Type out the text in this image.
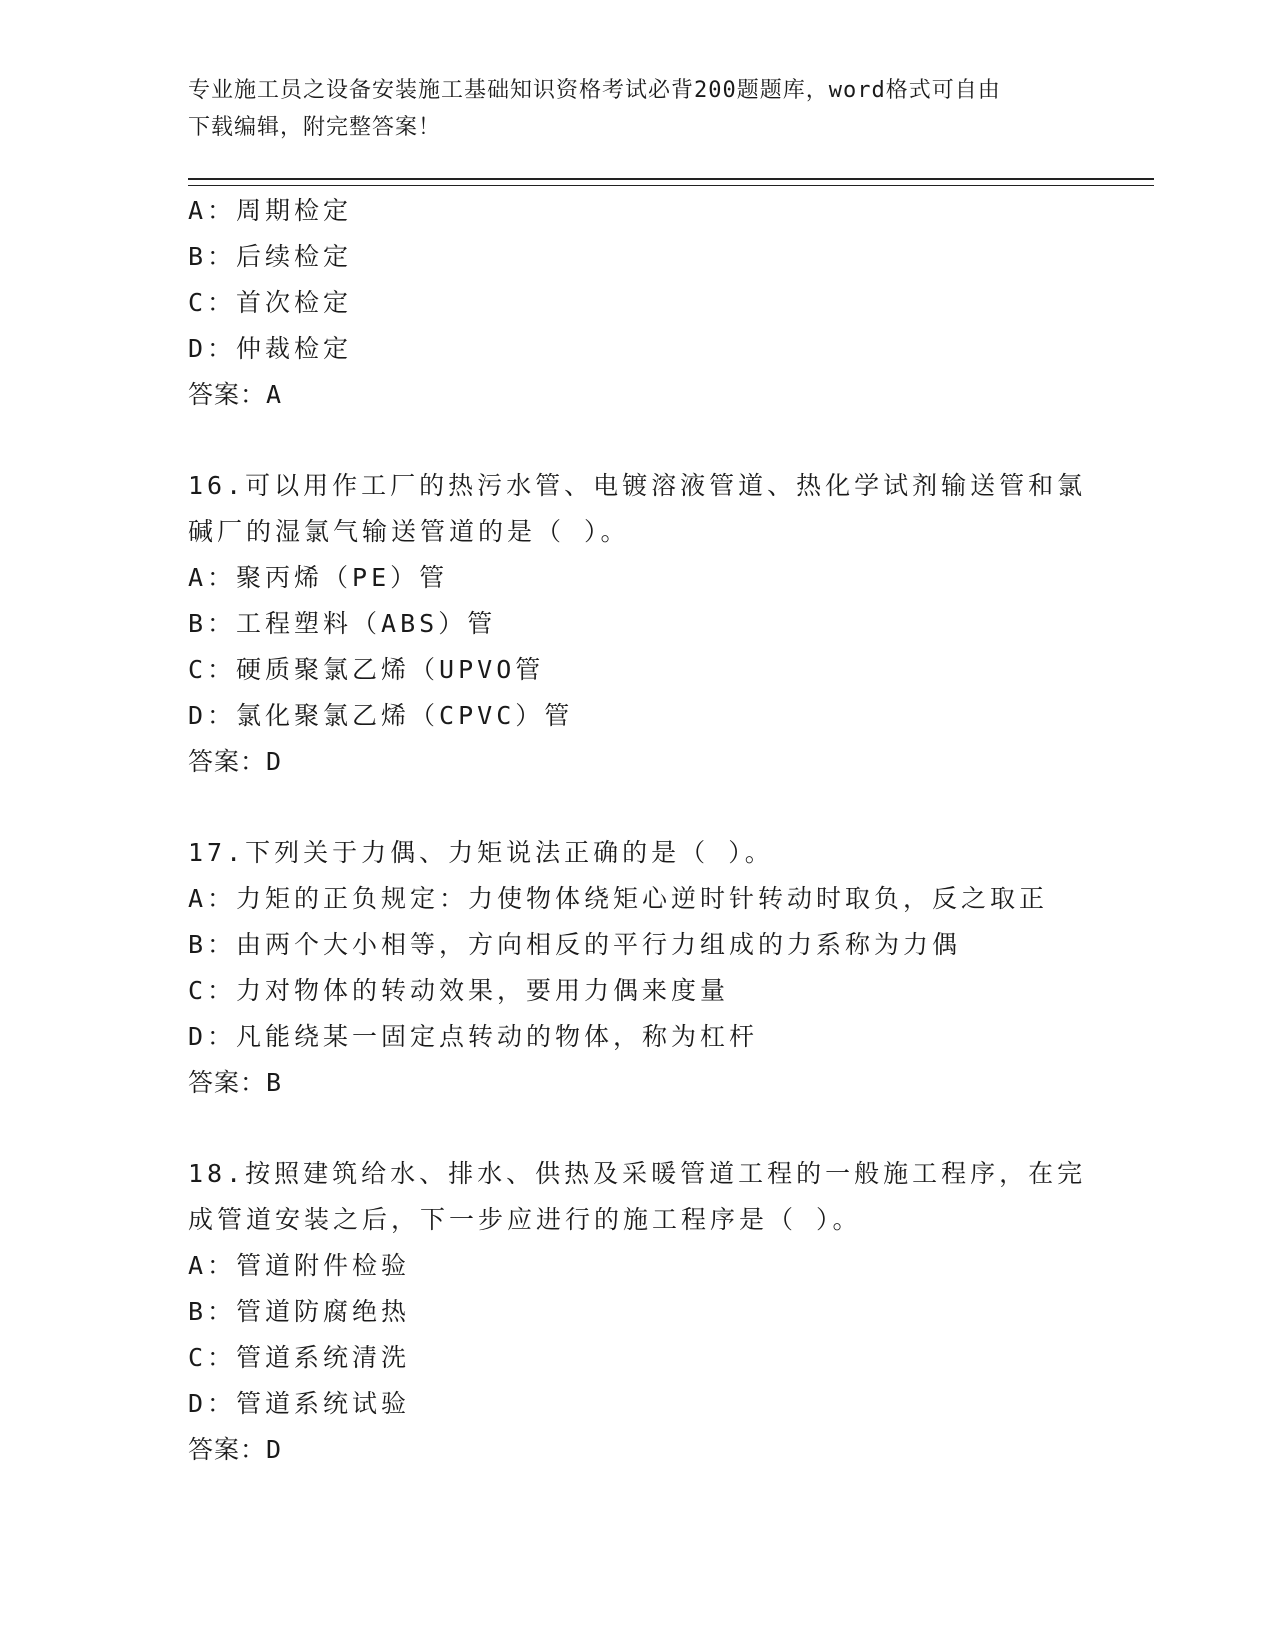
专业施工员之设备安装施工基础知识资格考试必背200题题库，word格式可自由
下载编辑，附完整答案！
A：周期检定
B：后续检定
C：首次检定
D：仲裁检定
答案：A
16.可以用作工厂的热污水管、电镀溶液管道、热化学试剂输送管和氯
碱厂的湿氯气输送管道的是（ ）。
A：聚丙烯（PE）管
B：工程塑料（ABS）管
C：硬质聚氯乙烯（UPVO管
D：氯化聚氯乙烯（CPVC）管
答案：D
17.下列关于力偶、力矩说法正确的是（ ）。
A：力矩的正负规定：力使物体绕矩心逆时针转动时取负，反之取正
B：由两个大小相等，方向相反的平行力组成的力系称为力偶
C：力对物体的转动效果，要用力偶来度量
D：凡能绕某一固定点转动的物体，称为杠杆
答案：B
18.按照建筑给水、排水、供热及采暖管道工程的一般施工程序，在完
成管道安装之后，下一步应进行的施工程序是（ ）。
A：管道附件检验
B：管道防腐绝热
C：管道系统清洗
D：管道系统试验
答案：D
